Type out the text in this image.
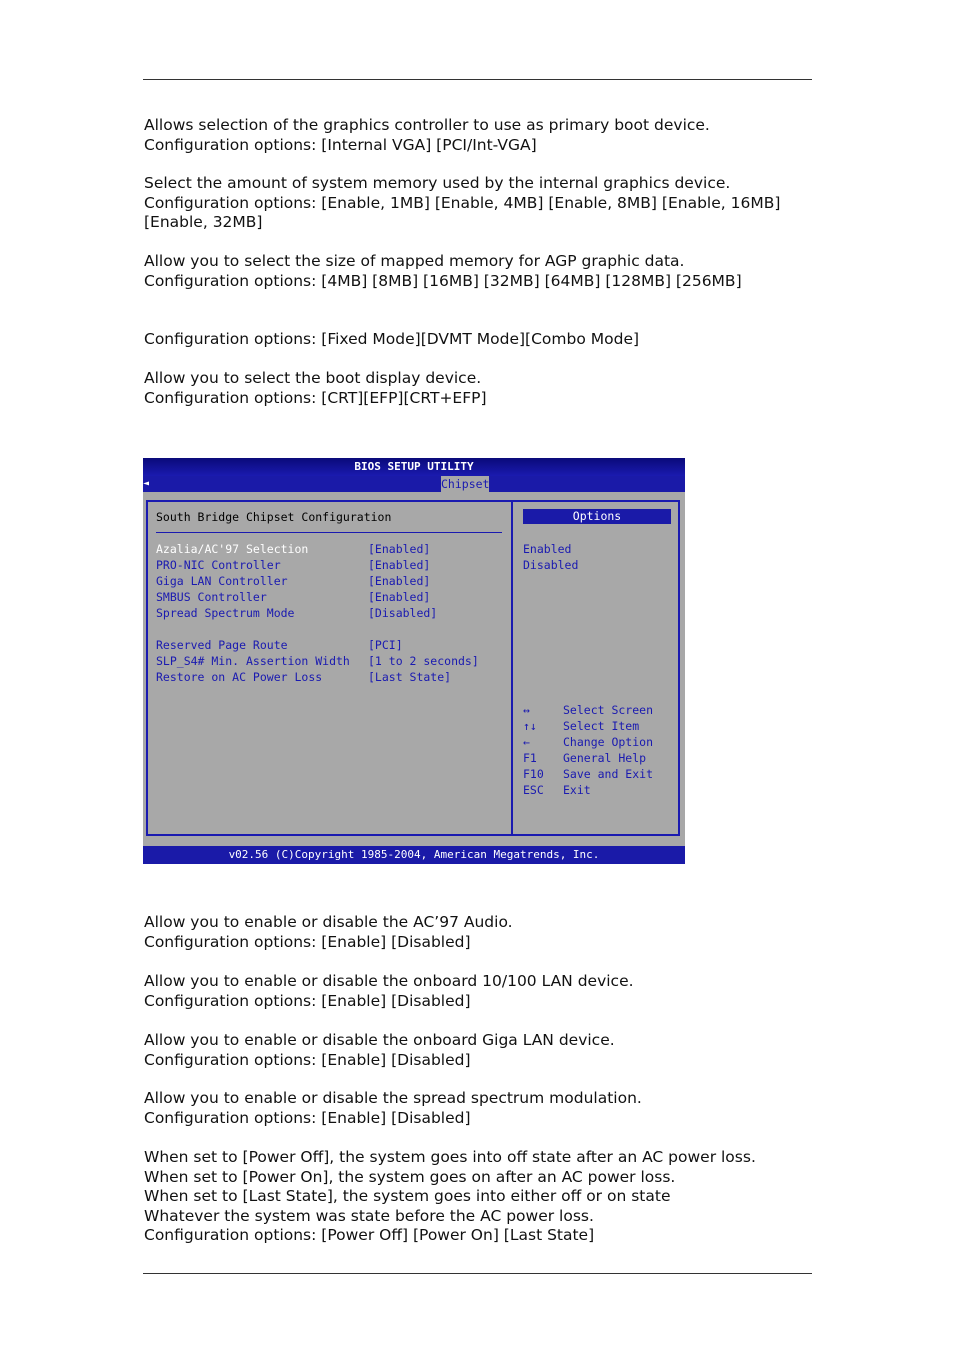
Allows selection of the graphics controller to use as primary boot device.
Configuration options: [Internal VGA] [PCI/Int-VGA]
Select the amount of system memory used by the internal graphics device.
Configuration options: [Enable, 1MB] [Enable, 4MB] [Enable, 8MB] [Enable, 16MB]
[Enable, 32MB]
Allow you to select the size of mapped memory for AGP graphic data.
Configuration options: [4MB] [8MB] [16MB] [32MB] [64MB] [128MB] [256MB]
Configuration options: [Fixed Mode][DVMT Mode][Combo Mode]
Allow you to select the boot display device.
Configuration options: [CRT][EFP][CRT+EFP]
BIOS SETUP UTILITY
◄	Chipset
South Bridge Chipset Configuration
Azalia/AC'97 Selection	[Enabled]
PRO-NIC Controller	[Enabled]
Giga LAN Controller	[Enabled]
SMBUS Controller	[Enabled]
Spread Spectrum Mode	[Disabled]
Reserved Page Route	[PCI]
SLP_S4# Min. Assertion Width [1 to 2 seconds]
Restore on AC Power Loss	[Last State]
Options
Enabled
Disabled
↔	Select Screen
↑↓ Select Item
←	Change Option
F1 General Help
F10 Save and Exit
ESC Exit
v02.56 (C)Copyright 1985-2004, American Megatrends, Inc.
Allow you to enable or disable the AC’97 Audio.
Configuration options: [Enable] [Disabled]
Allow you to enable or disable the onboard 10/100 LAN device.
Configuration options: [Enable] [Disabled]
Allow you to enable or disable the onboard Giga LAN device.
Configuration options: [Enable] [Disabled]
Allow you to enable or disable the spread spectrum modulation.
Configuration options: [Enable] [Disabled]
When set to [Power Off], the system goes into off state after an AC power loss.
When set to [Power On], the system goes on after an AC power loss.
When set to [Last State], the system goes into either off or on state
Whatever the system was state before the AC power loss.
Configuration options: [Power Off] [Power On] [Last State]
